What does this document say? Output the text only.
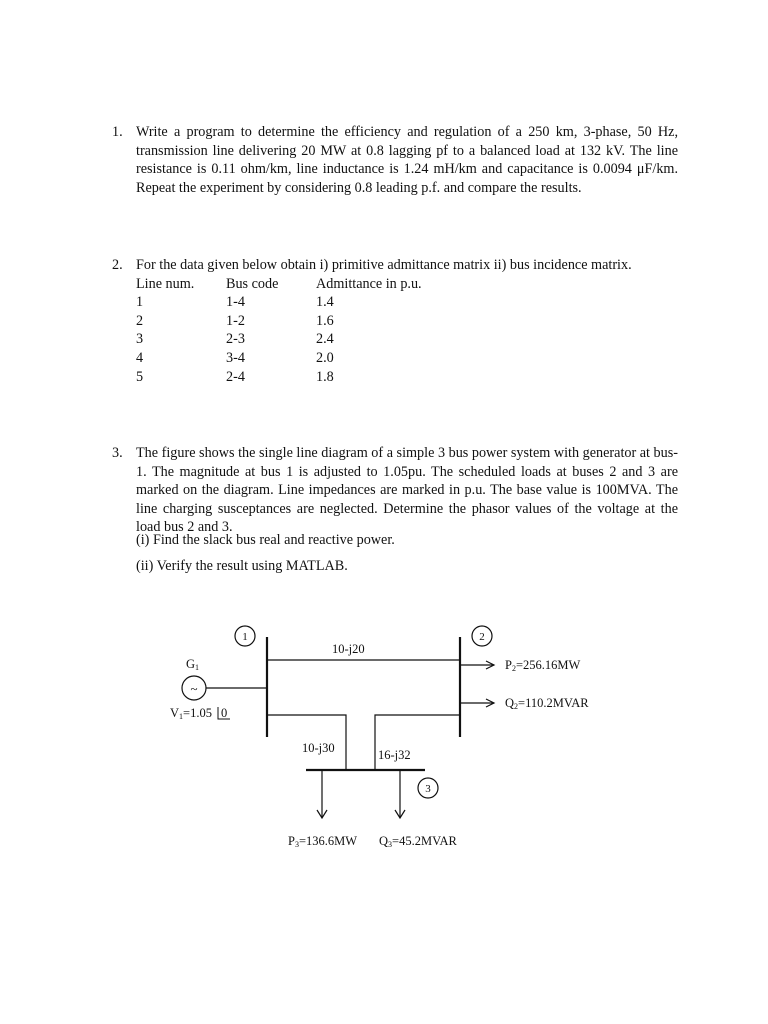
1. Write a program to determine the efficiency and regulation of a 250 km, 3-phase, 50 Hz, transmission line delivering 20 MW at 0.8 lagging pf to a balanced load at 132 kV. The line resistance is 0.11 ohm/km, line inductance is 1.24 mH/km and capacitance is 0.0094 μF/km. Repeat the experiment by considering 0.8 leading p.f. and compare the results.
2. For the data given below obtain i) primitive admittance matrix ii) bus incidence matrix.
Line num.	Bus code	Admittance in p.u.
1	1-4	1.4
2	1-2	1.6
3	2-3	2.4
4	3-4	2.0
5	2-4	1.8
3. The figure shows the single line diagram of a simple 3 bus power system with generator at bus-1. The magnitude at bus 1 is adjusted to 1.05pu. The scheduled loads at buses 2 and 3 are marked on the diagram. Line impedances are marked in p.u. The base value is 100MVA. The line charging susceptances are neglected. Determine the phasor values of the voltage at the load bus 2 and 3.
(i) Find the slack bus real and reactive power.
(ii) Verify the result using MATLAB.
1	2
3
~
G1
V1=1.05 0
10-j20
10-j30	16-j32
P2=256.16MW
Q2=110.2MVAR
P3=136.6MW Q3=45.2MVAR
